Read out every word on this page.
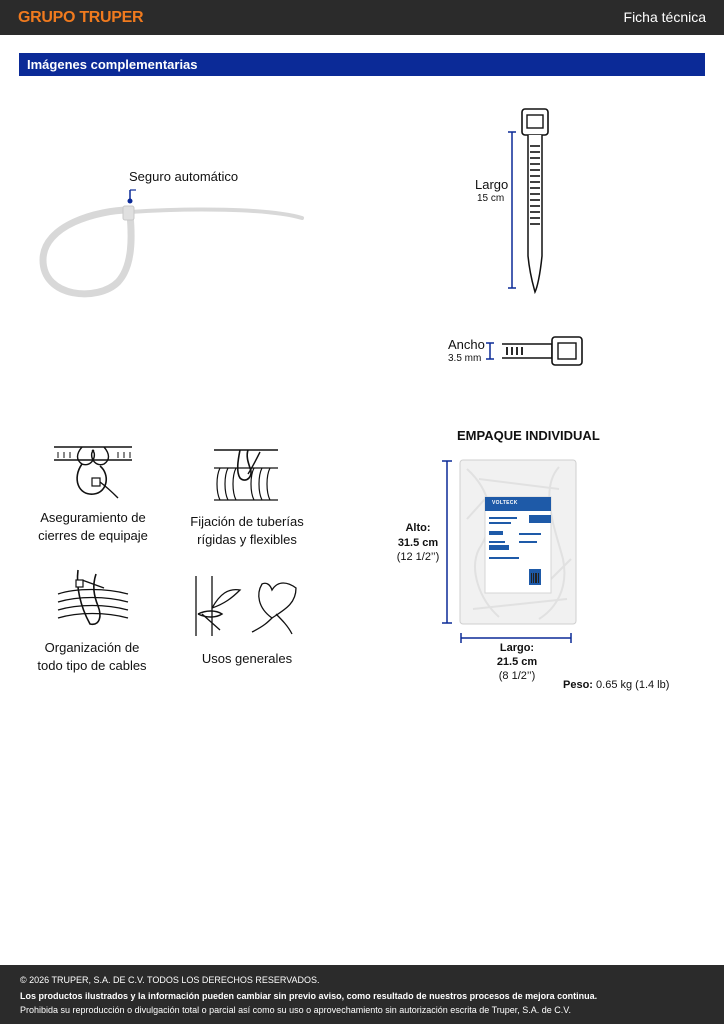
GRUPO TRUPER	Ficha técnica
Imágenes complementarias
Seguro automático
Largo
15 cm
Ancho
3.5 mm
Aseguramiento de
cierres de equipaje
Fijación de tuberías
rígidas y flexibles
Organización de
todo tipo de cables	Usos generales
EMPAQUE INDIVIDUAL
Alto:
31.5 cm
(12 1/2’’)
VOLTECK
Largo:
21.5 cm
(8 1/2’’)
Peso: 0.65 kg (1.4 lb)

© 2026 TRUPER, S.A. DE C.V. TODOS LOS DERECHOS RESERVADOS.

Los productos ilustrados y la información pueden cambiar sin previo aviso, como resultado de nuestros procesos de mejora continua.

Prohibida su reproducción o divulgación total o parcial así como su uso o aprovechamiento sin autorización escrita de Truper, S.A. de C.V.
